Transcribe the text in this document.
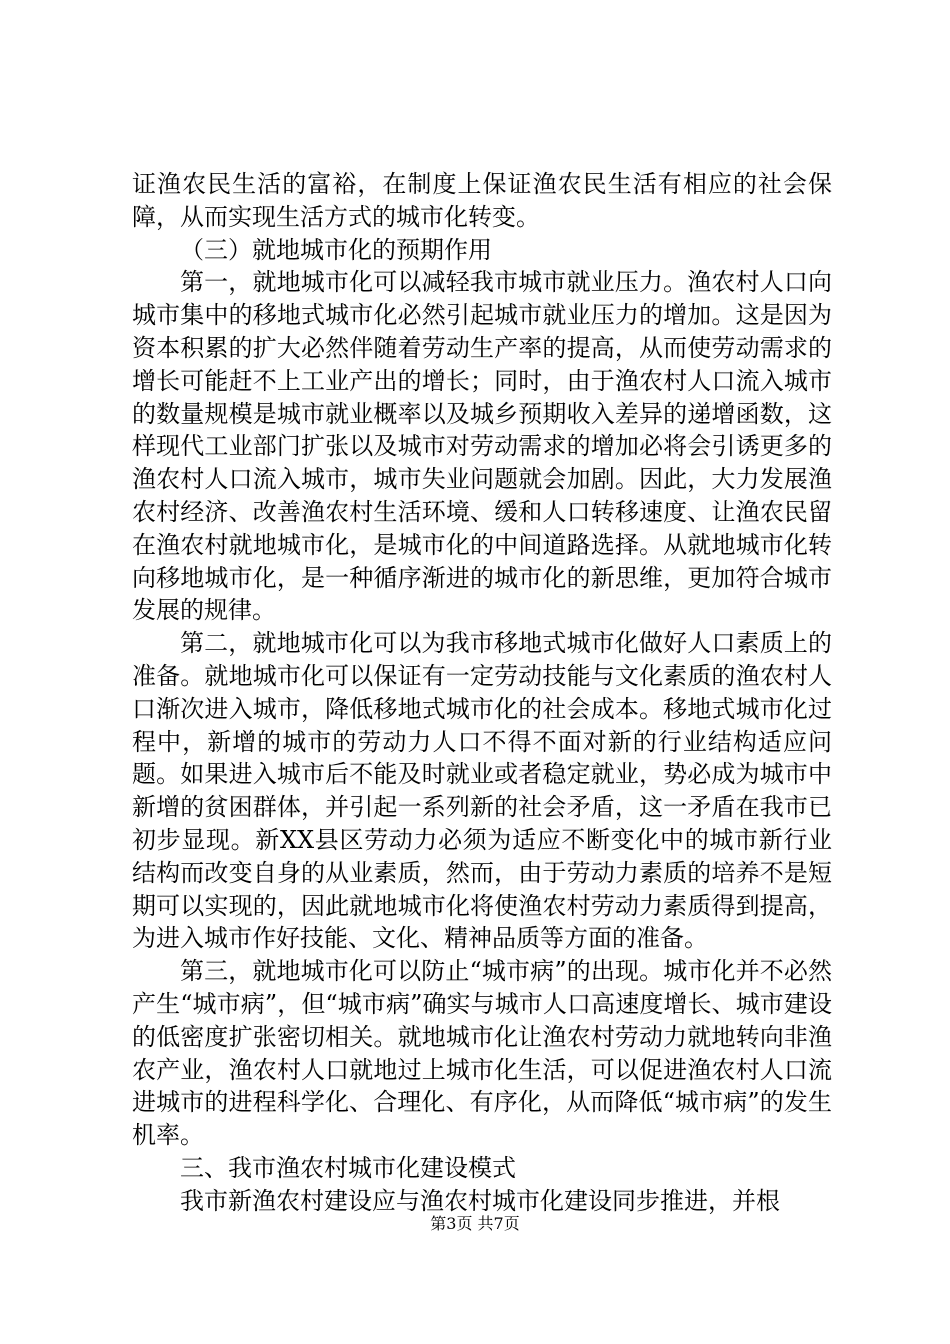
证渔农民生活的富裕，在制度上保证渔农民生活有相应的社会保障，从而实现生活方式的城市化转变。

（三）就地城市化的预期作用

第一，就地城市化可以减轻我市城市就业压力。渔农村人口向城市集中的移地式城市化必然引起城市就业压力的增加。这是因为资本积累的扩大必然伴随着劳动生产率的提高，从而使劳动需求的增长可能赶不上工业产出的增长；同时，由于渔农村人口流入城市的数量规模是城市就业概率以及城乡预期收入差异的递增函数，这样现代工业部门扩张以及城市对劳动需求的增加必将会引诱更多的渔农村人口流入城市，城市失业问题就会加剧。因此，大力发展渔农村经济、改善渔农村生活环境、缓和人口转移速度、让渔农民留在渔农村就地城市化，是城市化的中间道路选择。从就地城市化转向移地城市化，是一种循序渐进的城市化的新思维，更加符合城市发展的规律。

第二，就地城市化可以为我市移地式城市化做好人口素质上的准备。就地城市化可以保证有一定劳动技能与文化素质的渔农村人口渐次进入城市，降低移地式城市化的社会成本。移地式城市化过程中，新增的城市的劳动力人口不得不面对新的行业结构适应问题。如果进入城市后不能及时就业或者稳定就业，势必成为城市中新增的贫困群体，并引起一系列新的社会矛盾，这一矛盾在我市已初步显现。新XX县区劳动力必须为适应不断变化中的城市新行业结构而改变自身的从业素质，然而，由于劳动力素质的培养不是短期可以实现的，因此就地城市化将使渔农村劳动力素质得到提高，为进入城市作好技能、文化、精神品质等方面的准备。

第三，就地城市化可以防止“城市病”的出现。城市化并不必然产生“城市病”，但“城市病”确实与城市人口高速度增长、城市建设的低密度扩张密切相关。就地城市化让渔农村劳动力就地转向非渔农产业，渔农村人口就地过上城市化生活，可以促进渔农村人口流进城市的进程科学化、合理化、有序化，从而降低“城市病”的发生机率。

三、我市渔农村城市化建设模式

我市新渔农村建设应与渔农村城市化建设同步推进，并根

第3页 共7页
